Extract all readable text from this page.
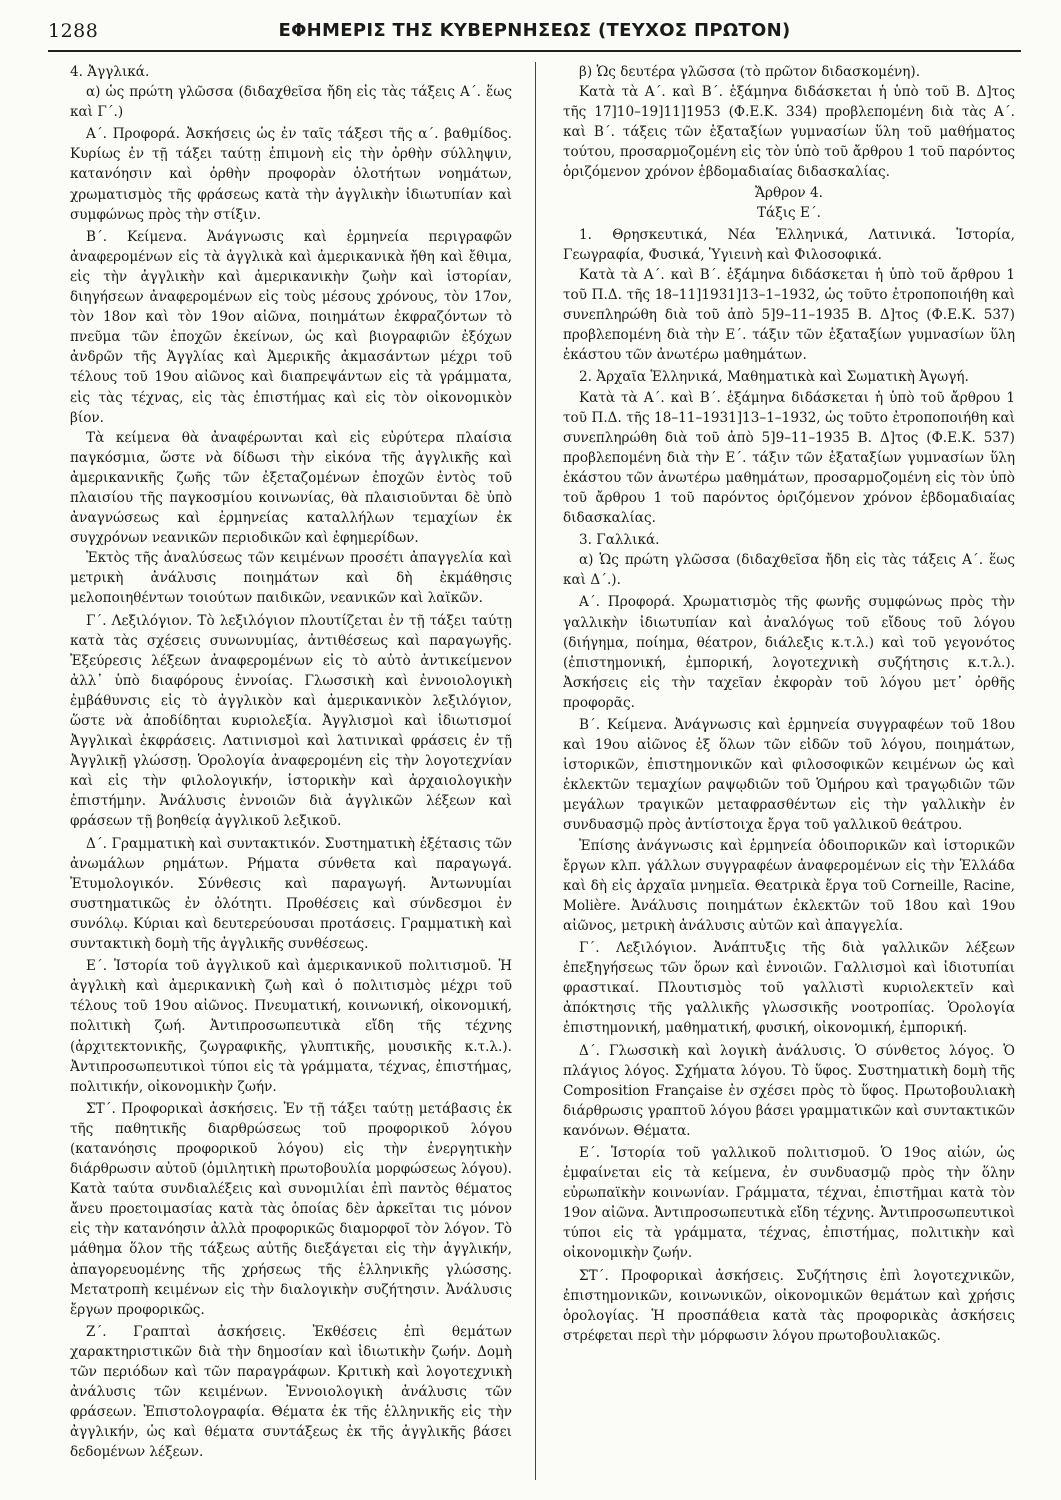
1288	ΕΦΗΜΕΡΙΣ ΤΗΣ ΚΥΒΕΡΝΗΣΕΩΣ (ΤΕΥΧΟΣ ΠΡΩΤΟΝ)

4. Ἀγγλικά.

α) ὡς πρώτη γλῶσσα (διδαχθεῖσα ἤδη εἰς τὰς τάξεις Α΄. ἕως καὶ Γ΄.)

Α΄. Προφορά. Ἀσκήσεις ὡς ἐν ταῖς τάξεσι τῆς α΄. βαθμίδος. Κυρίως ἐν τῇ τάξει ταύτῃ ἐπιμονὴ εἰς τὴν ὀρθὴν σύλληψιν, κατανόησιν καὶ ὀρθὴν προφορὰν ὁλοτήτων νοημάτων, χρωματισμὸς τῆς φράσεως κατὰ τὴν ἀγγλικὴν ἰδιωτυπίαν καὶ συμφώνως πρὸς τὴν στίξιν.

Β΄. Κείμενα. Ἀνάγνωσις καὶ ἑρμηνεία περιγραφῶν ἀναφερομένων εἰς τὰ ἀγγλικὰ καὶ ἀμερικανικὰ ἤθη καὶ ἔθιμα, εἰς τὴν ἀγγλικὴν καὶ ἀμερικανικὴν ζωὴν καὶ ἱστορίαν, διηγήσεων ἀναφερομένων εἰς τοὺς μέσους χρόνους, τὸν 17ον, τὸν 18ον καὶ τὸν 19ον αἰῶνα, ποιημάτων ἐκφραζόντων τὸ πνεῦμα τῶν ἐποχῶν ἐκείνων, ὡς καὶ βιογραφιῶν ἐξόχων ἀνδρῶν τῆς Ἀγγλίας καὶ Ἀμερικῆς ἀκμασάντων μέχρι τοῦ τέλους τοῦ 19ου αἰῶνος καὶ διαπρεψάντων εἰς τὰ γράμματα, εἰς τὰς τέχνας, εἰς τὰς ἐπιστήμας καὶ εἰς τὸν οἰκονομικὸν βίον.

Τὰ κείμενα θὰ ἀναφέρωνται καὶ εἰς εὐρύτερα πλαίσια παγκόσμια, ὥστε νὰ δίδωσι τὴν εἰκόνα τῆς ἀγγλικῆς καὶ ἀμερικανικῆς ζωῆς τῶν ἐξεταζομένων ἐποχῶν ἐντὸς τοῦ πλαισίου τῆς παγκοσμίου κοινωνίας, θὰ πλαισιοῦνται δὲ ὑπὸ ἀναγνώσεως καὶ ἑρμηνείας καταλλήλων τεμαχίων ἐκ συγχρόνων νεανικῶν περιοδικῶν καὶ ἐφημερίδων.

Ἐκτὸς τῆς ἀναλύσεως τῶν κειμένων προσέτι ἀπαγγελία καὶ μετρικὴ ἀνάλυσις ποιημάτων καὶ δὴ ἐκμάθησις μελοποιηθέντων τοιούτων παιδικῶν, νεανικῶν καὶ λαϊκῶν.

Γ΄. Λεξιλόγιον. Τὸ λεξιλόγιον πλουτίζεται ἐν τῇ τάξει ταύτῃ κατὰ τὰς σχέσεις συνωνυμίας, ἀντιθέσεως καὶ παραγωγῆς. Ἐξεύρεσις λέξεων ἀναφερομένων εἰς τὸ αὐτὸ ἀντικείμενον ἀλλ᾽ ὑπὸ διαφόρους ἐννοίας. Γλωσσικὴ καὶ ἐννοιολογικὴ ἐμβάθυνσις εἰς τὸ ἀγγλικὸν καὶ ἀμερικανικὸν λεξιλόγιον, ὥστε νὰ ἀποδίδηται κυριολεξία. Ἀγγλισμοὶ καὶ ἰδιωτισμοί Ἀγγλικαὶ ἐκφράσεις. Λατινισμοὶ καὶ λατινικαὶ φράσεις ἐν τῇ Ἀγγλικῇ γλώσσῃ. Ὁρολογία ἀναφερομένη εἰς τὴν λογοτεχνίαν καὶ εἰς τὴν φιλολογικήν, ἱστορικὴν καὶ ἀρχαιολογικὴν ἐπιστήμην. Ἀνάλυσις ἐννοιῶν διὰ ἀγγλικῶν λέξεων καὶ φράσεων τῇ βοηθείᾳ ἀγγλικοῦ λεξικοῦ.

Δ΄. Γραμματικὴ καὶ συντακτικόν. Συστηματικὴ ἐξέτασις τῶν ἀνωμάλων ρημάτων. Ρήματα σύνθετα καὶ παραγωγά. Ἐτυμολογικόν. Σύνθεσις καὶ παραγωγή. Ἀντωνυμίαι συστηματικῶς ἐν ὁλότητι. Προθέσεις καὶ σύνδεσμοι ἐν συνόλῳ. Κύριαι καὶ δευτερεύουσαι προτάσεις. Γραμματικὴ καὶ συντακτικὴ δομὴ τῆς ἀγγλικῆς συνθέσεως.

Ε΄. Ἱστορία τοῦ ἀγγλικοῦ καὶ ἀμερικανικοῦ πολιτισμοῦ. Ἡ ἀγγλικὴ καὶ ἀμερικανικὴ ζωὴ καὶ ὁ πολιτισμὸς μέχρι τοῦ τέλους τοῦ 19ου αἰῶνος. Πνευματική, κοινωνική, οἰκονομική, πολιτικὴ ζωή. Ἀντιπροσωπευτικὰ εἴδη τῆς τέχνης (ἀρχιτεκτονικῆς, ζωγραφικῆς, γλυπτικῆς, μουσικῆς κ.τ.λ.). Ἀντιπροσωπευτικοὶ τύποι εἰς τὰ γράμματα, τέχνας, ἐπιστήμας, πολιτικήν, οἰκονομικὴν ζωήν.

ΣΤ΄. Προφορικαὶ ἀσκήσεις. Ἐν τῇ τάξει ταύτῃ μετάβασις ἐκ τῆς παθητικῆς διαρθρώσεως τοῦ προφορικοῦ λόγου (κατανόησις προφορικοῦ λόγου) εἰς τὴν ἐνεργητικὴν διάρθρωσιν αὐτοῦ (ὁμιλητικὴ πρωτοβουλία μορφώσεως λόγου). Κατὰ ταύτα συνδιαλέξεις καὶ συνομιλίαι ἐπὶ παντὸς θέματος ἄνευ προετοιμασίας κατὰ τὰς ὁποίας δὲν ἀρκεῖται τις μόνον εἰς τὴν κατανόησιν ἀλλὰ προφορικῶς διαμορφοῖ τὸν λόγον. Τὸ μάθημα ὅλον τῆς τάξεως αὐτῆς διεξάγεται εἰς τὴν ἀγγλικήν, ἀπαγορευομένης τῆς χρήσεως τῆς ἑλληνικῆς γλώσσης. Μετατροπὴ κειμένων εἰς τὴν διαλογικὴν συζήτησιν. Ἀνάλυσις ἔργων προφορικῶς.

Ζ΄. Γραπταὶ ἀσκήσεις. Ἐκθέσεις ἐπὶ θεμάτων χαρακτηριστικῶν διὰ τὴν δημοσίαν καὶ ἰδιωτικὴν ζωήν. Δομὴ τῶν περιόδων καὶ τῶν παραγράφων. Κριτικὴ καὶ λογοτεχνικὴ ἀνάλυσις τῶν κειμένων. Ἐννοιολογικὴ ἀνάλυσις τῶν φράσεων. Ἐπιστολογραφία. Θέματα ἐκ τῆς ἑλληνικῆς εἰς τὴν ἀγγλικήν, ὡς καὶ θέματα συντάξεως ἐκ τῆς ἀγγλικῆς βάσει δεδομένων λέξεων.

β) Ὡς δευτέρα γλῶσσα (τὸ πρῶτον διδασκομένη).

Κατὰ τὰ Α΄. καὶ Β΄. ἑξάμηνα διδάσκεται ἡ ὑπὸ τοῦ Β. Δ]τος τῆς 17]10–19]11]1953 (Φ.Ε.Κ. 334) προβλεπομένη διὰ τὰς Α΄. καὶ Β΄. τάξεις τῶν ἑξαταξίων γυμνασίων ὕλη τοῦ μαθήματος τούτου, προσαρμοζομένη εἰς τὸν ὑπὸ τοῦ ἄρθρου 1 τοῦ παρόντος ὁριζόμενον χρόνον ἑβδομαδιαίας διδασκαλίας.

Ἄρθρον 4.

Τάξις Ε΄.

1. Θρησκευτικά, Νέα Ἑλληνικά, Λατινικά. Ἱστορία, Γεωγραφία, Φυσικά, Ὑγιεινὴ καὶ Φιλοσοφικά.

Κατὰ τὰ Α΄. καὶ Β΄. ἑξάμηνα διδάσκεται ἡ ὑπὸ τοῦ ἄρθρου 1 τοῦ Π.Δ. τῆς 18–11]1931]13–1–1932, ὡς τοῦτο ἐτροποποιήθη καὶ συνεπληρώθη διὰ τοῦ ἀπὸ 5]9–11–1935 Β. Δ]τος (Φ.Ε.Κ. 537) προβλεπομένη διὰ τὴν Ε΄. τάξιν τῶν ἑξαταξίων γυμνασίων ὕλη ἑκάστου τῶν ἀνωτέρω μαθημάτων.

2. Ἀρχαῖα Ἑλληνικά, Μαθηματικὰ καὶ Σωματικὴ Ἀγωγή.

Κατὰ τὰ Α΄. καὶ Β΄. ἑξάμηνα διδάσκεται ἡ ὑπὸ τοῦ ἄρθρου 1 τοῦ Π.Δ. τῆς 18–11–1931]13–1–1932, ὡς τοῦτο ἐτροποποιήθη καὶ συνεπληρώθη διὰ τοῦ ἀπὸ 5]9–11–1935 Β. Δ]τος (Φ.Ε.Κ. 537) προβλεπομένη διὰ τὴν Ε΄. τάξιν τῶν ἑξαταξίων γυμνασίων ὕλη ἑκάστου τῶν ἀνωτέρω μαθημάτων, προσαρμοζομένη εἰς τὸν ὑπὸ τοῦ ἄρθρου 1 τοῦ παρόντος ὁριζόμενον χρόνον ἑβδομαδιαίας διδασκαλίας.

3. Γαλλικά.

α) Ὡς πρώτη γλῶσσα (διδαχθεῖσα ἤδη εἰς τὰς τάξεις Α΄. ἕως καὶ Δ΄.).

Α΄. Προφορά. Χρωματισμὸς τῆς φωνῆς συμφώνως πρὸς τὴν γαλλικὴν ἰδιωτυπίαν καὶ ἀναλόγως τοῦ εἴδους τοῦ λόγου (διήγημα, ποίημα, θέατρον, διάλεξις κ.τ.λ.) καὶ τοῦ γεγονότος (ἐπιστημονική, ἐμπορική, λογοτεχνικὴ συζήτησις κ.τ.λ.). Ἀσκήσεις εἰς τὴν ταχεῖαν ἐκφορὰν τοῦ λόγου μετ᾽ ὀρθῆς προφορᾶς.

Β΄. Κείμενα. Ἀνάγνωσις καὶ ἑρμηνεία συγγραφέων τοῦ 18ου καὶ 19ου αἰῶνος ἐξ ὅλων τῶν εἰδῶν τοῦ λόγου, ποιημάτων, ἱστορικῶν, ἐπιστημονικῶν καὶ φιλοσοφικῶν κειμένων ὡς καὶ ἐκλεκτῶν τεμαχίων ραψῳδιῶν τοῦ Ὁμήρου καὶ τραγῳδιῶν τῶν μεγάλων τραγικῶν μεταφρασθέντων εἰς τὴν γαλλικὴν ἐν συνδυασμῷ πρὸς ἀντίστοιχα ἔργα τοῦ γαλλικοῦ θεάτρου.

Ἐπίσης ἀνάγνωσις καὶ ἑρμηνεία ὁδοιπορικῶν καὶ ἱστορικῶν ἔργων κλπ. γάλλων συγγραφέων ἀναφερομένων εἰς τὴν Ἑλλάδα καὶ δὴ εἰς ἀρχαῖα μνημεῖα. Θεατρικὰ ἔργα τοῦ Corneille, Racine, Molière. Ἀνάλυσις ποιημάτων ἐκλεκτῶν τοῦ 18ου καὶ 19ου αἰῶνος, μετρικὴ ἀνάλυσις αὐτῶν καὶ ἀπαγγελία.

Γ΄. Λεξιλόγιον. Ἀνάπτυξις τῆς διὰ γαλλικῶν λέξεων ἐπεξηγήσεως τῶν ὅρων καὶ ἐννοιῶν. Γαλλισμοὶ καὶ ἰδιοτυπίαι φραστικαί. Πλουτισμὸς τοῦ γαλλιστὶ κυριολεκτεῖν καὶ ἀπόκτησις τῆς γαλλικῆς γλωσσικῆς νοοτροπίας. Ὁρολογία ἐπιστημονική, μαθηματική, φυσική, οἰκονομική, ἐμπορική.

Δ΄. Γλωσσικὴ καὶ λογικὴ ἀνάλυσις. Ὁ σύνθετος λόγος. Ὁ πλάγιος λόγος. Σχήματα λόγου. Τὸ ὕφος. Συστηματικὴ δομὴ τῆς Composition Française ἐν σχέσει πρὸς τὸ ὕφος. Πρωτοβουλιακὴ διάρθρωσις γραπτοῦ λόγου βάσει γραμματικῶν καὶ συντακτικῶν κανόνων. Θέματα.

Ε΄. Ἱστορία τοῦ γαλλικοῦ πολιτισμοῦ. Ὁ 19ος αἰών, ὡς ἐμφαίνεται εἰς τὰ κείμενα, ἐν συνδυασμῷ πρὸς τὴν ὅλην εὐρωπαϊκὴν κοινωνίαν. Γράμματα, τέχναι, ἐπιστῆμαι κατὰ τὸν 19ον αἰῶνα. Ἀντιπροσωπευτικὰ εἴδη τέχνης. Ἀντιπροσωπευτικοὶ τύποι εἰς τὰ γράμματα, τέχνας, ἐπιστήμας, πολιτικὴν καὶ οἰκονομικὴν ζωήν.

ΣΤ΄. Προφορικαὶ ἀσκήσεις. Συζήτησις ἐπὶ λογοτεχνικῶν, ἐπιστημονικῶν, κοινωνικῶν, οἰκονομικῶν θεμάτων καὶ χρήσις ὁρολογίας. Ἡ προσπάθεια κατὰ τὰς προφορικὰς ἀσκήσεις στρέφεται περὶ τὴν μόρφωσιν λόγου πρωτοβουλιακῶς.
